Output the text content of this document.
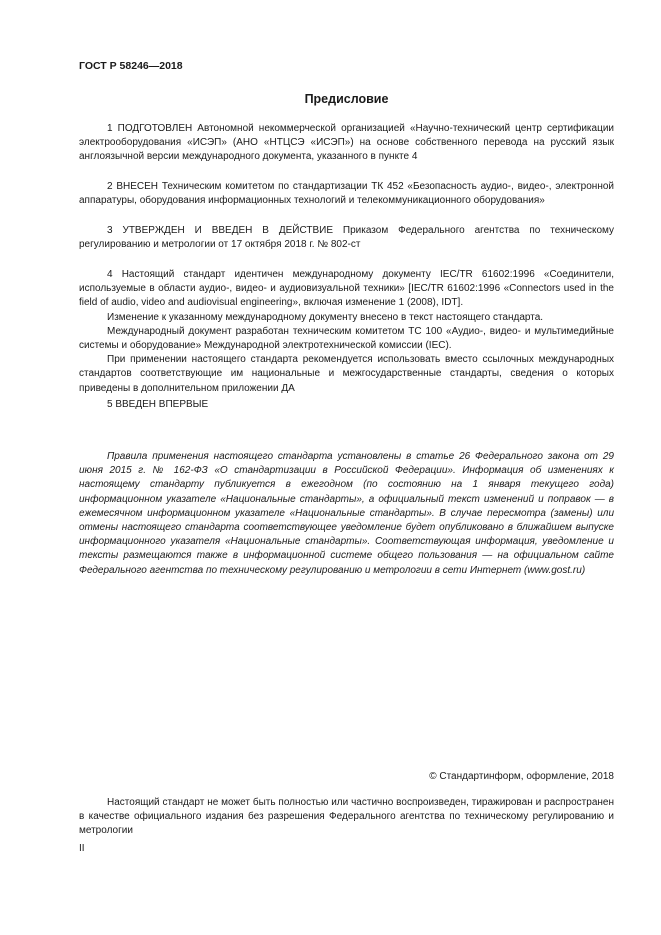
ГОСТ Р 58246—2018
Предисловие

1 ПОДГОТОВЛЕН Автономной некоммерческой организацией «Научно-технический центр сертификации электрооборудования «ИСЭП» (АНО «НТЦСЭ «ИСЭП») на основе собственного перевода на русский язык англоязычной версии международного документа, указанного в пункте 4

2 ВНЕСЕН Техническим комитетом по стандартизации ТК 452 «Безопасность аудио-, видео-, электронной аппаратуры, оборудования информационных технологий и телекоммуникационного оборудования»

3 УТВЕРЖДЕН И ВВЕДЕН В ДЕЙСТВИЕ Приказом Федерального агентства по техническому регулированию и метрологии от 17 октября 2018 г. № 802-ст

4 Настоящий стандарт идентичен международному документу IEC/TR 61602:1996 «Соединители, используемые в области аудио-, видео- и аудиовизуальной техники» [IEC/TR 61602:1996 «Connectors used in the field of audio, video and audiovisual engineering», включая изменение 1 (2008), IDT].

Изменение к указанному международному документу внесено в текст настоящего стандарта.

Международный документ разработан техническим комитетом ТС 100 «Аудио-, видео- и мультимедийные системы и оборудование» Международной электротехнической комиссии (IEC).

При применении настоящего стандарта рекомендуется использовать вместо ссылочных международных стандартов соответствующие им национальные и межгосударственные стандарты, сведения о которых приведены в дополнительном приложении ДА

5 ВВЕДЕН ВПЕРВЫЕ

Правила применения настоящего стандарта установлены в статье 26 Федерального закона от 29 июня 2015 г. № 162-ФЗ «О стандартизации в Российской Федерации». Информация об изменениях к настоящему стандарту публикуется в ежегодном (по состоянию на 1 января текущего года) информационном указателе «Национальные стандарты», а официальный текст изменений и поправок — в ежемесячном информационном указателе «Национальные стандарты». В случае пересмотра (замены) или отмены настоящего стандарта соответствующее уведомление будет опубликовано в ближайшем выпуске информационного указателя «Национальные стандарты». Соответствующая информация, уведомление и тексты размещаются также в информационной системе общего пользования — на официальном сайте Федерального агентства по техническому регулированию и метрологии в сети Интернет (www.gost.ru)

© Стандартинформ, оформление, 2018

Настоящий стандарт не может быть полностью или частично воспроизведен, тиражирован и распространен в качестве официального издания без разрешения Федерального агентства по техническому регулированию и метрологии

II
